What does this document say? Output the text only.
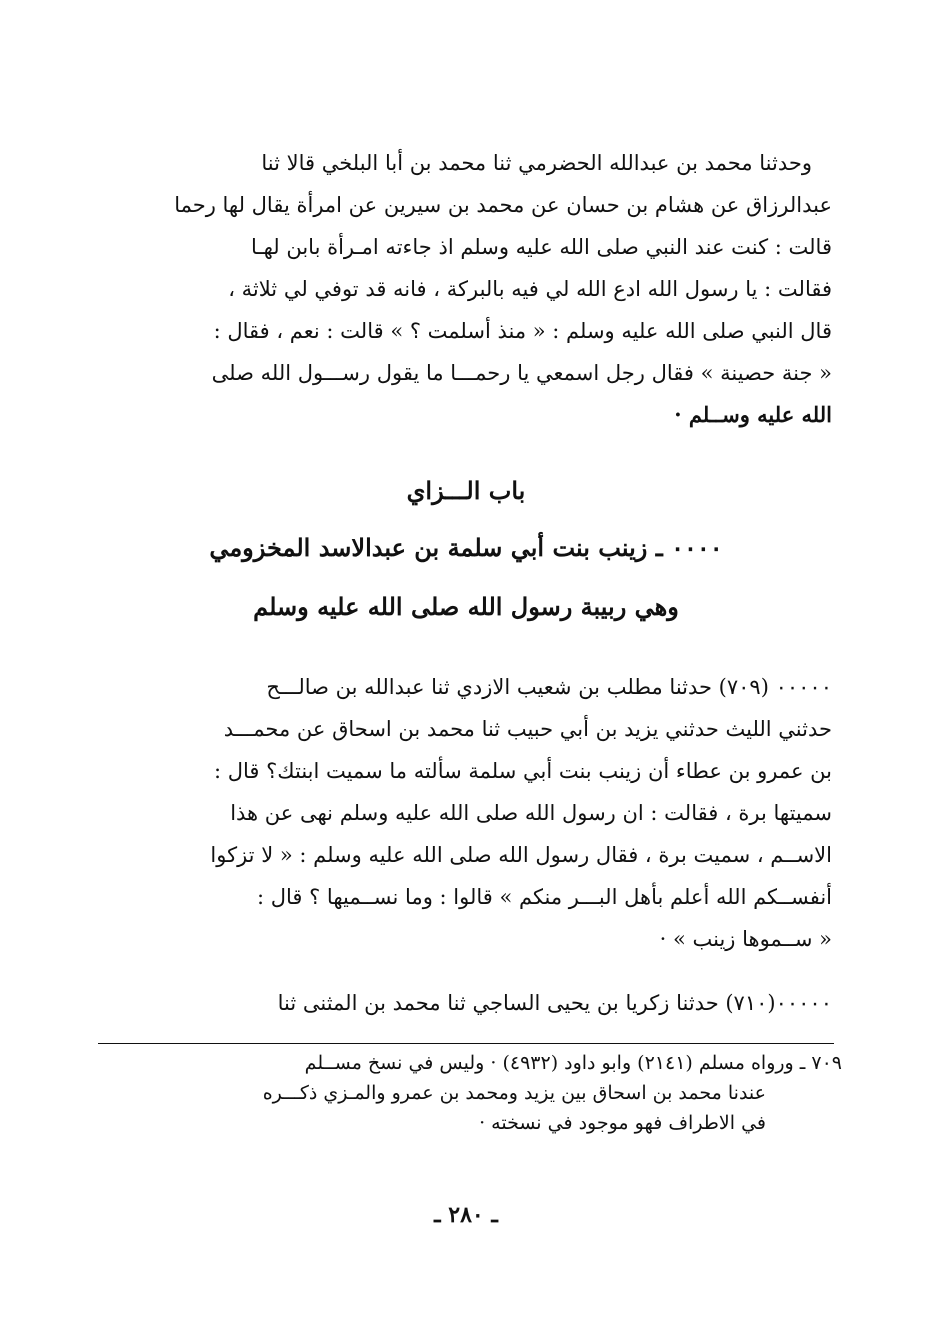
وحدثنا محمد بن عبدالله الحضرمي ثنا محمد بن أبا البلخي قالا ثنا
عبدالرزاق عن هشام بن حسان عن محمد بن سيرين عن امرأة يقال لها رحما
قالت : كنت عند النبي صلى الله عليه وسلم اذ جاءته امـرأة بابن لهـا
فقالت : يا رسول الله ادع الله لي فيه بالبركة ، فانه قد توفي لي ثلاثة ،
قال النبي صلى الله عليه وسلم : « منذ أسلمت ؟ » قالت : نعم ، فقال :
« جنة حصينة » فقال رجل اسمعي يا رحمـــا ما يقول رســـول الله صلى
الله عليه وســلم ·
باب الـــزاي
٠٠٠٠ ـ زينب بنت أبي سلمة بن عبدالاسد المخزومي
وهي ربيبة رسول الله صلى الله عليه وسلم
٠٠٠٠٠ (٧٠٩) حدثنا مطلب بن شعيب الازدي ثنا عبدالله بن صالـــح
حدثني الليث حدثني يزيد بن أبي حبيب ثنا محمد بن اسحاق عن محمـــد
بن عمرو بن عطاء أن زينب بنت أبي سلمة سألته ما سميت ابنتك؟ قال :
سميتها برة ، فقالت : ان رسول الله صلى الله عليه وسلم نهى عن هذا
الاســم ، سميت برة ، فقال رسول الله صلى الله عليه وسلم : « لا تزكوا
أنفســكم الله أعلم بأهل البـــر منكم » قالوا : وما نســميها ؟ قال :
« ســموها زينب » ·
٠٠٠٠٠(٧١٠) حدثنا زكريا بن يحيى الساجي ثنا محمد بن المثنى ثنا
٧٠٩ ـ ورواه مسلم (٢١٤١) وابو داود (٤٩٣٢) · وليس في نسخ مســلم
عندنا محمد بن اسحاق بين يزيد ومحمد بن عمرو والمـزي ذكـــره
في الاطراف فهو موجود في نسخته ·
ـ ٢٨٠ ـ
